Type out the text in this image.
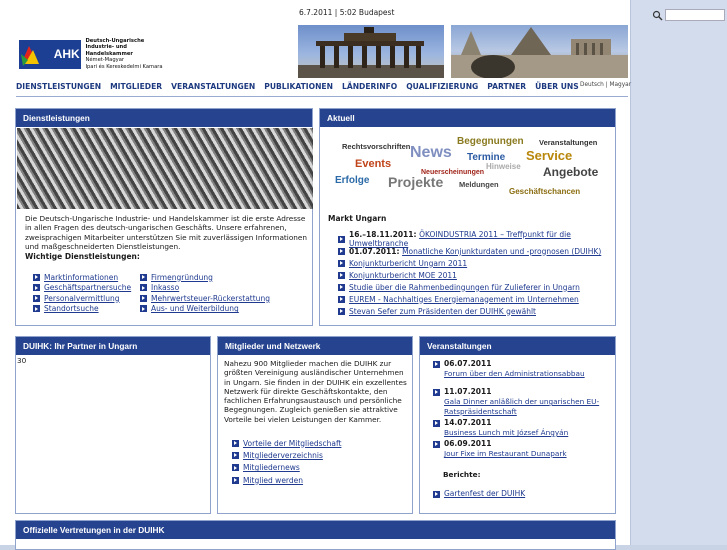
6.7.2011 | 5:02 Budapest
AHK
Deutsch-Ungarische
Industrie- und Handelskammer
Német-Magyar
Ipari és Kereskedelmi Kamara
DIENSTLEISTUNGEN MITGLIEDER VERANSTALTUNGEN PUBLIKATIONEN LÄNDERINFO QUALIFIZIERUNG PARTNER ÜBER UNS Deutsch | Magyar
Dienstleistungen
Die Deutsch-Ungarische Industrie- und Handelskammer ist die erste Adresse in allen Fragen des deutsch-ungarischen Geschäfts. Unsere erfahrenen, zweisprachigen Mitarbeiter unterstützen Sie mit zuverlässigen Informationen und maßgeschneiderten Dienstleistungen.
Wichtige Dienstleistungen:
Marktinformationen
Geschäftspartnersuche
Personalvermittlung
Standortsuche
Firmengründung
Inkasso
Mehrwertsteuer-Rückerstattung
Aus- und Weiterbildung
Aktuell
Rechtsvorschriften News
Begegnungen Veranstaltungen
Termine Service
Hinweise
Events
Neuerscheinungen	Angebote
Erfolge Projekte Meldungen
Geschäftschancen
Markt Ungarn
16.–18.11.2011: ÖKOINDUSTRIA 2011 – Treffpunkt für die Umweltbranche
01.07.2011: Monatliche Konjunkturdaten und -prognosen (DUIHK)
Konjunkturbericht Ungarn 2011
Konjunkturbericht MOE 2011
Studie über die Rahmenbedingungen für Zulieferer in Ungarn
EUREM - Nachhaltiges Energiemanagement im Unternehmen
Stevan Sefer zum Präsidenten der DUIHK gewählt
DUIHK: Ihr Partner in Ungarn
30
Mitglieder und Netzwerk
Nahezu 900 Mitglieder machen die DUIHK zur größten Vereinigung ausländischer Unternehmen in Ungarn. Sie finden in der DUIHK ein exzellentes Netzwerk für direkte Geschäftskontakte, den fachlichen Erfahrungsaustausch und persönliche Begegnungen. Zugleich genießen sie attraktive Vorteile bei vielen Leistungen der Kammer.
Vorteile der Mitgliedschaft
Mitgliederverzeichnis
Mitgliedernews
Mitglied werden
Veranstaltungen
06.07.2011
Forum über den Administrationsabbau
11.07.2011
Gala Dinner anläßlich der ungarischen EU-Ratspräsidentschaft
14.07.2011
Business Lunch mit József Ángyán
06.09.2011
Jour Fixe im Restaurant Dunapark
Berichte:
Gartenfest der DUIHK
Offizielle Vertretungen in der DUIHK
